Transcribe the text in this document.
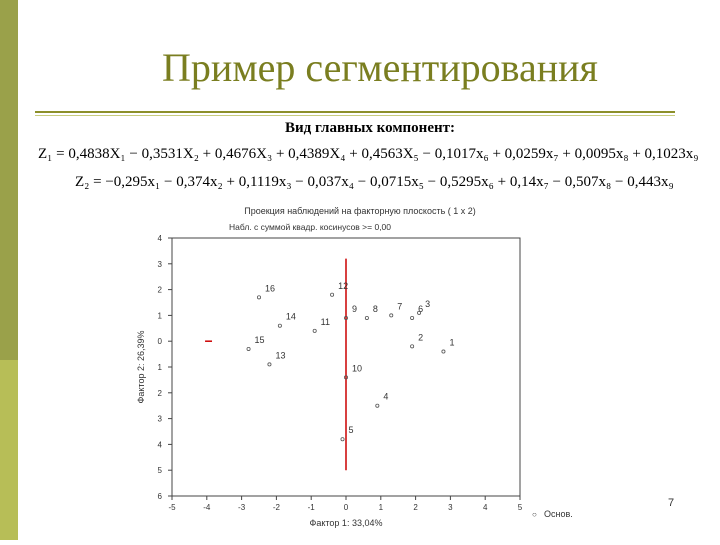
Пример сегментирования
Вид главных компонент:
Z₁ = 0,4838X₁ − 0,3531X₂ + 0,4676X₃ + 0,4389X₄ + 0,4563X₅ − 0,1017x₆ + 0,0259x₇ + 0,0095x₈ + 0,1023x₉
Z₂ = −0,295x₁ − 0,374x₂ + 0,1119x₃ − 0,037x₄ − 0,0715x₅ − 0,5295x₆ + 0,14x₇ − 0,507x₈ − 0,443x₉
Проекция наблюдений на факторную плоскость ( 1 x 2)
Набл. с суммой квадр. косинусов >= 0,00
-5	-4	-3	-2	-1	0	1	2	3	4	5
4
3
2
1
0
1
2
3
4
5
6
1
2
3
4
5
6
7
8
9
10
11
12
13
14
15
16
Фактор 1: 33,04%
Фактор 2: 26,39%
○ Основ.
7
